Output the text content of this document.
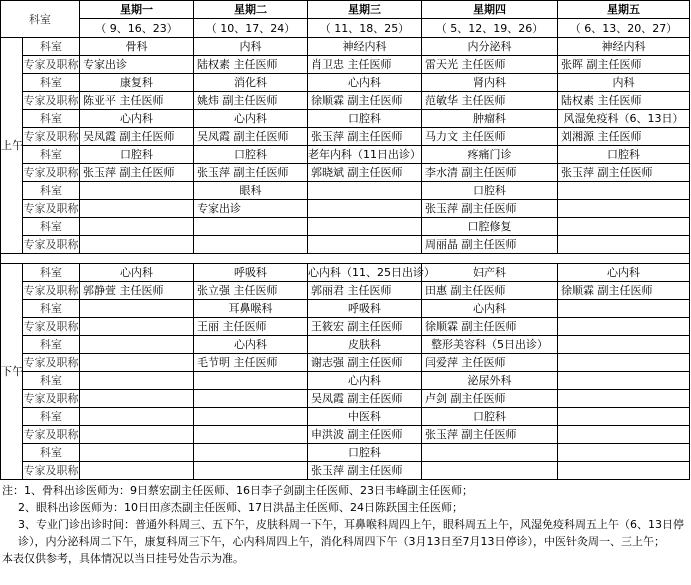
科室		星期一	星期二	星期三	星期四	星期五
		（ 9、16、23）	（ 10、17、24）	（ 11、18、25）	（ 5、12、19、26）	（ 6、13、20、27）
上午	科室	骨科	内科	神经内科	内分泌科	神经内科
	专家及职称	专家出诊	陆权素 主任医师	肖卫忠 主任医师	雷天光 主任医师	张晖 副主任医师
	科室	康复科	消化科	心内科	肾内科	内科
	专家及职称	陈亚平 主任医师	姚炜 副主任医师	徐顺霖 副主任医师	范敏华 主任医师	陆权素 主任医师
	科室	心内科	心内科	口腔科	肿瘤科	风湿免疫科（6、13日）
	专家及职称	吴凤霞 副主任医师	吴凤霞 副主任医师	张玉萍 副主任医师	马力文 主任医师	刘湘源 主任医师
	科室	口腔科	口腔科	老年内科（11日出诊）	疼痛门诊	口腔科
	专家及职称	张玉萍 副主任医师	张玉萍 副主任医师	郭晓斌 副主任医师	李水清 副主任医师	张玉萍 副主任医师
	科室		眼科		口腔科	
	专家及职称		专家出诊		张玉萍 副主任医师	
	科室				口腔修复	
	专家及职称				周丽晶 副主任医师	

下午	科室	心内科	呼吸科	心内科（11、25日出诊）	妇产科	心内科
	专家及职称	郭静萱 主任医师	张立强 主任医师	郭丽君 主任医师	田惠 副主任医师	徐顺霖 副主任医师
	科室		耳鼻喉科	呼吸科	心内科	
	专家及职称		王丽 主任医师	王筱宏 副主任医师	徐顺霖 副主任医师	
	科室		心内科	皮肤科	整形美容科（5日出诊）	
	专家及职称		毛节明 主任医师	谢志强 副主任医师	闫爱萍 主任医师	
	科室			心内科	泌尿外科	
	专家及职称			吴凤霞 副主任医师	卢剑 副主任医师	
	科室			中医科	口腔科	
	专家及职称			申洪波 副主任医师	张玉萍 副主任医师	
	科室			口腔科		
	专家及职称			张玉萍 副主任医师		

注：1、骨科出诊医师为：9日蔡宏副主任医师、16日李子剑副主任医师、23日韦峰副主任医师；

2、眼科出诊医师为：10日田彦杰副主任医师、17日洪晶主任医师、24日陈跃国主任医师；

3、专业门诊出诊时间：普通外科周三、五下午，皮肤科周一下午，耳鼻喉科周四上午，眼科周五上午，风湿免疫科周五上午（6、13日停诊），内分泌科周二下午，康复科周三下午，心内科周四上午，消化科周四下午（3月13日至7月13日停诊），中医针灸周一、三上午；

本表仅供参考，具体情况以当日挂号处告示为准。
